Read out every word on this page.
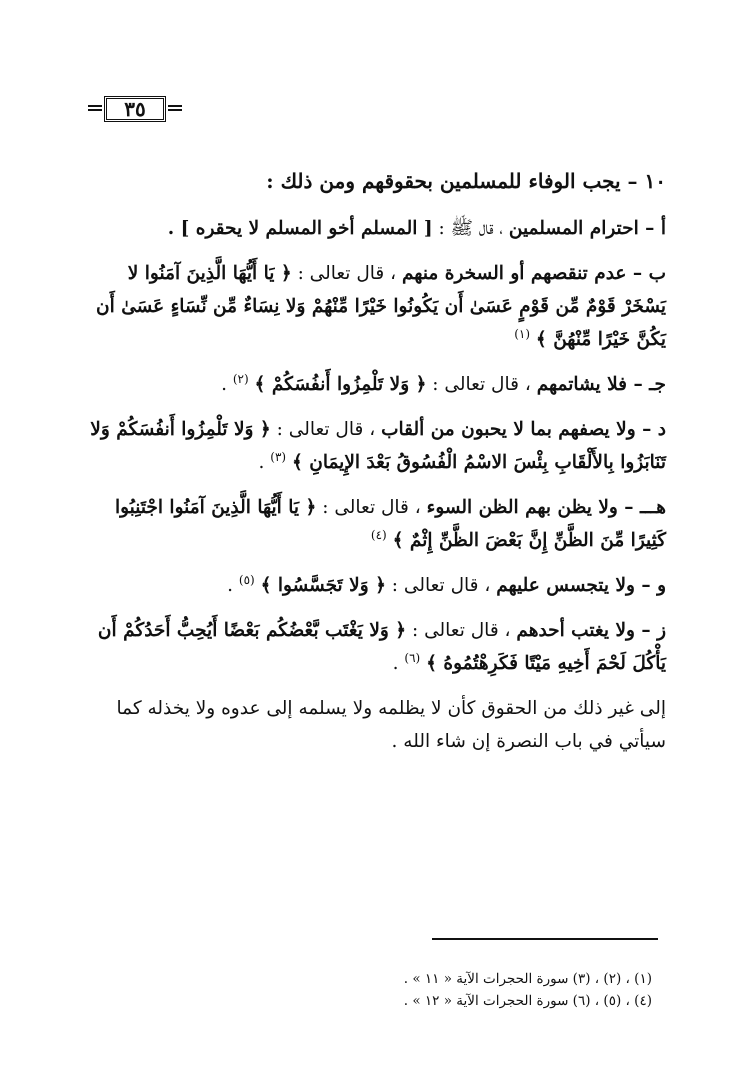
٣٥

١٠ – يجب الوفاء للمسلمين بحقوقهم ومن ذلك :

أ – احترام المسلمين ، قال ﷺ : [ المسلم أخو المسلم لا يحقره ] .

ب – عدم تنقصهم أو السخرة منهم ، قال تعالى : ﴿ يَا أَيُّهَا الَّذِينَ آمَنُوا لا يَسْخَرْ قَوْمٌ مِّن قَوْمٍ عَسَىٰ أَن يَكُونُوا خَيْرًا مِّنْهُمْ وَلا نِسَاءٌ مِّن نِّسَاءٍ عَسَىٰ أَن يَكُنَّ خَيْرًا مِّنْهُنَّ ﴾ $^{(١)}$

جـ – فلا يشاتمهم ، قال تعالى : ﴿ وَلا تَلْمِزُوا أَنفُسَكُمْ ﴾ $^{(٢)}$ .

د – ولا يصفهم بما لا يحبون من ألقاب ، قال تعالى : ﴿ وَلا تَلْمِزُوا أَنفُسَكُمْ وَلا تَنَابَزُوا بِالأَلْقَابِ بِئْسَ الاسْمُ الْفُسُوقُ بَعْدَ الإِيمَانِ ﴾ $^{(٣)}$ .

هـــ – ولا يظن بهم الظن السوء ، قال تعالى : ﴿ يَا أَيُّهَا الَّذِينَ آمَنُوا اجْتَنِبُوا كَثِيرًا مِّنَ الظَّنِّ إِنَّ بَعْضَ الظَّنِّ إِثْمٌ ﴾ $^{(٤)}$

و – ولا يتجسس عليهم ، قال تعالى : ﴿ وَلا تَجَسَّسُوا ﴾ $^{(٥)}$ .

ز – ولا يغتب أحدهم ، قال تعالى : ﴿ وَلا يَغْتَب بَّعْضُكُم بَعْضًا أَيُحِبُّ أَحَدُكُمْ أَن يَأْكُلَ لَحْمَ أَخِيهِ مَيْتًا فَكَرِهْتُمُوهُ ﴾ $^{(٦)}$ .

إلى غير ذلك من الحقوق كأن لا يظلمه ولا يسلمه إلى عدوه ولا يخذله كما سيأتي في باب النصرة إن شاء الله .

(١) ، (٢) ، (٣) سورة الحجرات الآية « ١١ » .
(٤) ، (٥) ، (٦) سورة الحجرات الآية « ١٢ » .
